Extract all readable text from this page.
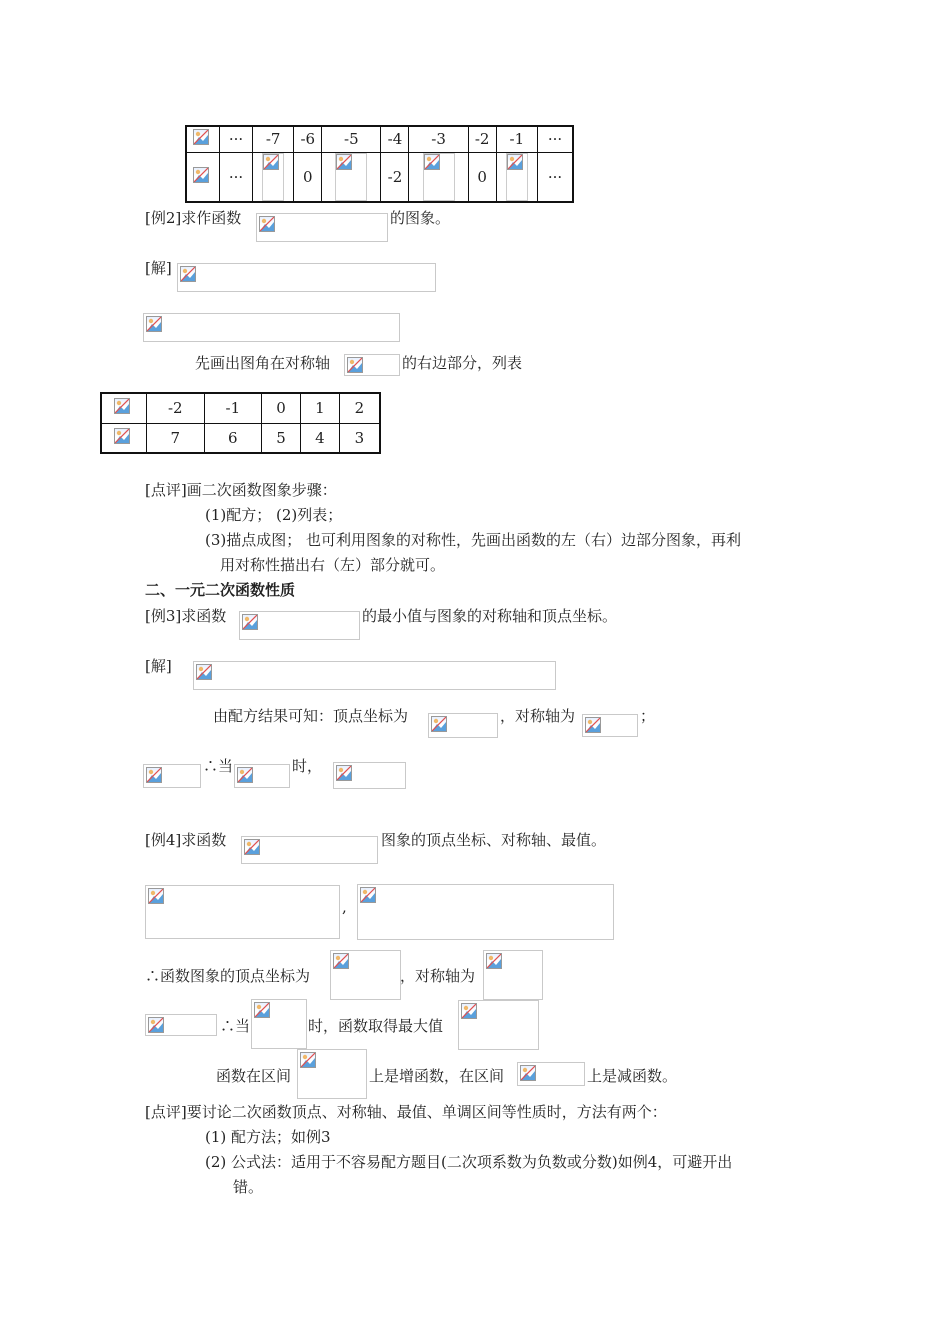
	···	-7	-6	-5	-4	-3	-2	-1	···

	···		0		-2		0		···
[例2]求作函数	的图象。
[解]
先画出图角在对称轴	的右边部分，列表
	-2	-1	0	1	2

	7	6	5	4	3
[点评]画二次函数图象步骤：
(1)配方； (2)列表；
(3)描点成图； 也可利用图象的对称性，先画出函数的左（右）边部分图象，再利
用对称性描出右（左）部分就可。
二、一元二次函数性质
[例3]求函数	的最小值与图象的对称轴和顶点坐标。
[解]
由配方结果可知：顶点坐标为	，对称轴为	；
∴当	时，
[例4]求函数	图象的顶点坐标、对称轴、最值。
,
∴函数图象的顶点坐标为	，对称轴为
∴当	时，函数取得最大值
函数在区间	上是增函数，在区间	上是减函数。
[点评]要讨论二次函数顶点、对称轴、最值、单调区间等性质时，方法有两个：
(1) 配方法；如例3
(2) 公式法：适用于不容易配方题目(二次项系数为负数或分数)如例4，可避开出
错。
